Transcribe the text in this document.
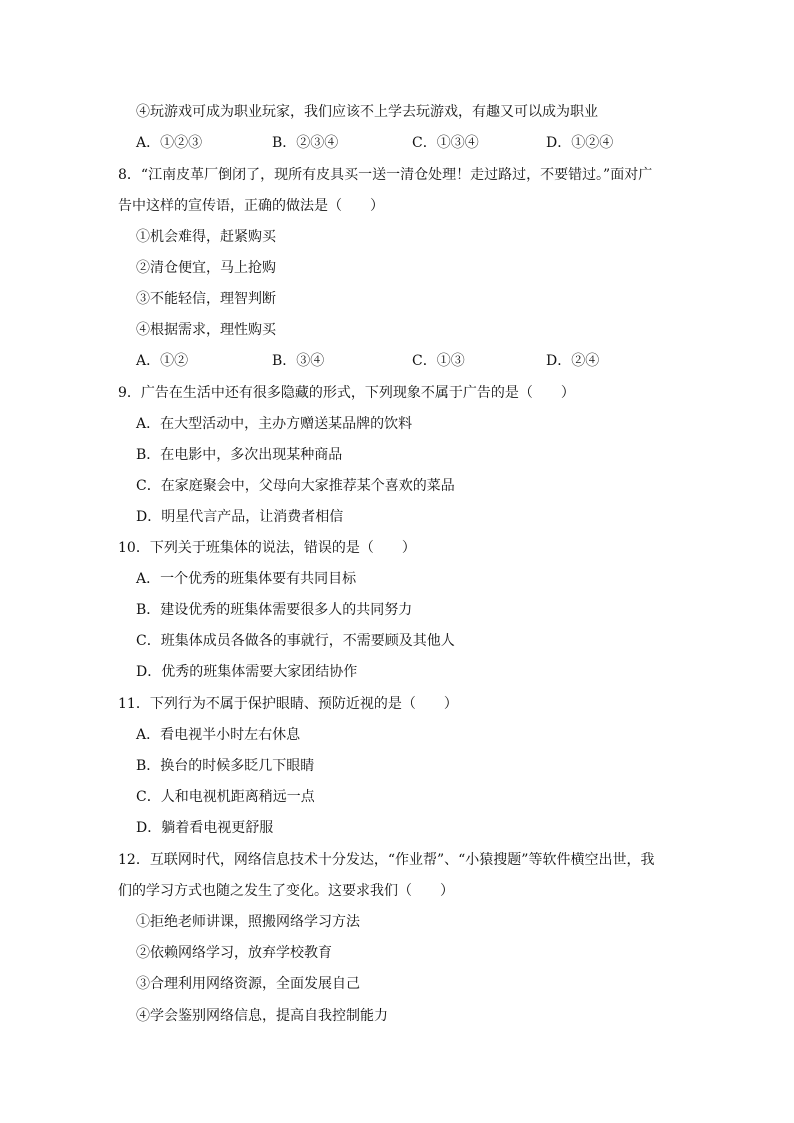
④玩游戏可成为职业玩家，我们应该不上学去玩游戏，有趣又可以成为职业
A．①②③	B．②③④	C．①③④	D．①②④
8．“江南皮革厂倒闭了，现所有皮具买一送一清仓处理！走过路过，不要错过。”面对广
告中这样的宣传语，正确的做法是（　　）
①机会难得，赶紧购买
②清仓便宜，马上抢购
③不能轻信，理智判断
④根据需求，理性购买
A．①②	B．③④	C．①③	D．②④
9．广告在生活中还有很多隐藏的形式，下列现象不属于广告的是（　　）
A．在大型活动中，主办方赠送某品牌的饮料
B．在电影中，多次出现某种商品
C．在家庭聚会中，父母向大家推荐某个喜欢的菜品
D．明星代言产品，让消费者相信
10．下列关于班集体的说法，错误的是（　　）
A．一个优秀的班集体要有共同目标
B．建设优秀的班集体需要很多人的共同努力
C．班集体成员各做各的事就行，不需要顾及其他人
D．优秀的班集体需要大家团结协作
11．下列行为不属于保护眼睛、预防近视的是（　　）
A．看电视半小时左右休息
B．换台的时候多眨几下眼睛
C．人和电视机距离稍远一点
D．躺着看电视更舒服
12．互联网时代，网络信息技术十分发达，“作业帮”、“小猿搜题”等软件横空出世，我
们的学习方式也随之发生了变化。这要求我们（　　）
①拒绝老师讲课，照搬网络学习方法
②依赖网络学习，放弃学校教育
③合理利用网络资源，全面发展自己
④学会鉴别网络信息，提高自我控制能力
